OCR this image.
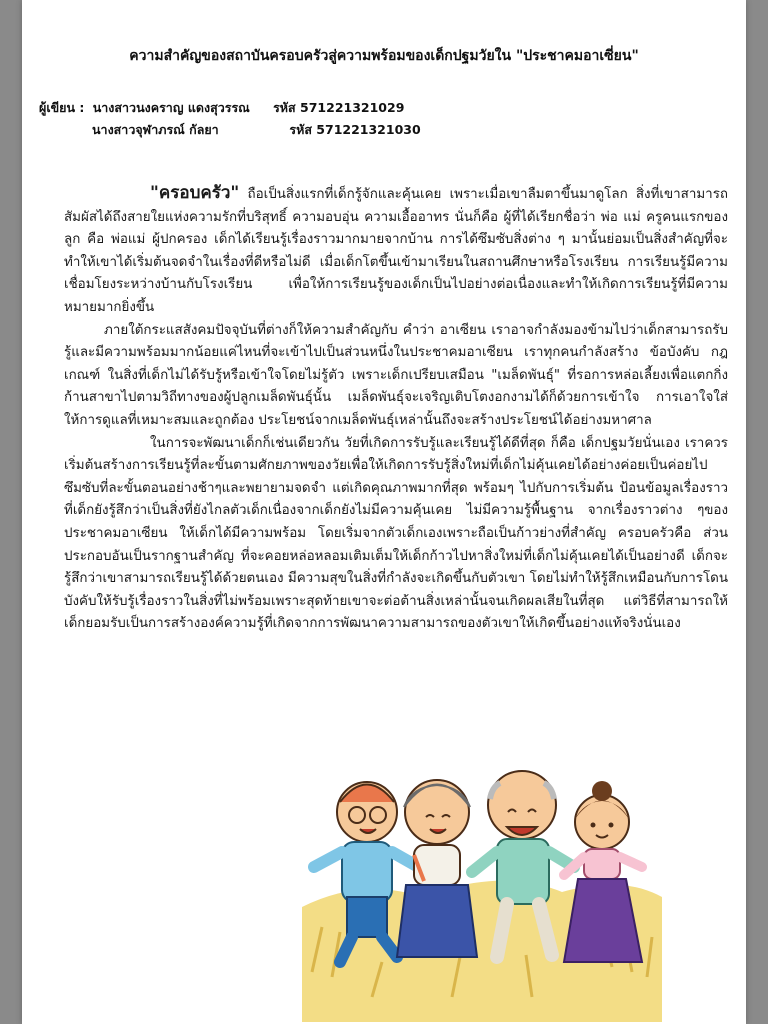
ความสำคัญของสถาบันครอบครัวสู่ความพร้อมของเด็กปฐมวัยใน "ประชาคมอาเซี่ยน"
ผู้เขียน : นางสาวนงคราญ แดงสุวรรณ รหัส 571221321029
นางสาวจุฬาภรณ์ กัลยา	รหัส 571221321030

"ครอบครัว" ถือเป็นสิ่งแรกที่เด็กรู้จักและคุ้นเคย เพราะเมื่อเขาลืมตาขึ้นมาดูโลก สิ่งที่เขาสามารถสัมผัสได้ถึงสายใยแห่งความรักที่บริสุทธิ์ ความอบอุ่น ความเอื้ออาทร นั่นก็คือ ผู้ที่ได้เรียกชื่อว่า พ่อ แม่ ครูคนแรกของลูก คือ พ่อแม่ ผู้ปกครอง เด็กได้เรียนรู้เรื่องราวมากมายจากบ้าน การได้ซึมซับสิ่งต่าง ๆ มานั้นย่อมเป็นสิ่งสำคัญที่จะทำให้เขาได้เริ่มต้นจดจำในเรื่องที่ดีหรือไม่ดี เมื่อเด็กโตขึ้นเข้ามาเรียนในสถานศึกษาหรือโรงเรียน การเรียนรู้มีความเชื่อมโยงระหว่างบ้านกับโรงเรียน เพื่อให้การเรียนรู้ของเด็กเป็นไปอย่างต่อเนื่องและทำให้เกิดการเรียนรู้ที่มีความหมายมากยิ่งขึ้น

ภายใต้กระแสสังคมปัจจุบันที่ต่างก็ให้ความสำคัญกับ คำว่า อาเซียน เราอาจกำลังมองข้ามไปว่าเด็กสามารถรับรู้และมีความพร้อมมากน้อยแค่ไหนที่จะเข้าไปเป็นส่วนหนึ่งในประชาคมอาเซียน เราทุกคนกำลังสร้าง ข้อบังคับ กฎเกณฑ์ ในสิ่งที่เด็กไม่ได้รับรู้หรือเข้าใจโดยไม่รู้ตัว เพราะเด็กเปรียบเสมือน "เมล็ดพันธุ์" ที่รอการหล่อเลี้ยงเพื่อแตกกิ่งก้านสาขาไปตามวิถีทางของผู้ปลูกเมล็ดพันธุ์นั้น เมล็ดพันธุ์จะเจริญเติบโตงอกงามได้ก็ด้วยการเข้าใจ การเอาใจใส่ ให้การดูแลที่เหมาะสมและถูกต้อง ประโยชน์จากเมล็ดพันธุ์เหล่านั้นถึงจะสร้างประโยชน์ได้อย่างมหาศาล

ในการจะพัฒนาเด็กก็เช่นเดียวกัน วัยที่เกิดการรับรู้และเรียนรู้ได้ดีที่สุด ก็คือ เด็กปฐมวัยนั่นเอง เราควรเริ่มต้นสร้างการเรียนรู้ที่ละขั้นตามศักยภาพของวัยเพื่อให้เกิดการรับรู้สิ่งใหม่ที่เด็กไม่คุ้นเคยได้อย่างค่อยเป็นค่อยไป ซึมซับที่ละขั้นตอนอย่างช้าๆและพยายามจดจำ แต่เกิดคุณภาพมากที่สุด พร้อมๆ ไปกับการเริ่มต้น ป้อนข้อมูลเรื่องราวที่เด็กยังรู้สึกว่าเป็นสิ่งที่ยังไกลตัวเด็กเนื่องจากเด็กยังไม่มีความคุ้นเคย ไม่มีความรู้พื้นฐาน จากเรื่องราวต่าง ๆของประชาคมอาเซียน ให้เด็กได้มีความพร้อม โดยเริ่มจากตัวเด็กเองเพราะถือเป็นก้าวย่างที่สำคัญ ครอบครัวคือ ส่วนประกอบอันเป็นรากฐานสำคัญ ที่จะคอยหล่อหลอมเติมเต็มให้เด็กก้าวไปหาสิ่งใหม่ที่เด็กไม่คุ้นเคยได้เป็นอย่างดี เด็กจะรู้สึกว่าเขาสามารถเรียนรู้ได้ด้วยตนเอง มีความสุขในสิ่งที่กำลังจะเกิดขึ้นกับตัวเขา โดยไม่ทำให้รู้สึกเหมือนกับการโดนบังคับให้รับรู้เรื่องราวในสิ่งที่ไม่พร้อมเพราะสุดท้ายเขาจะต่อต้านสิ่งเหล่านั้นจนเกิดผลเสียในที่สุด แต่วิธีที่สามารถให้เด็กยอมรับเป็นการสร้างองค์ความรู้ที่เกิดจากการพัฒนาความสามารถของตัวเขาให้เกิดขึ้นอย่างแท้จริงนั่นเอง
